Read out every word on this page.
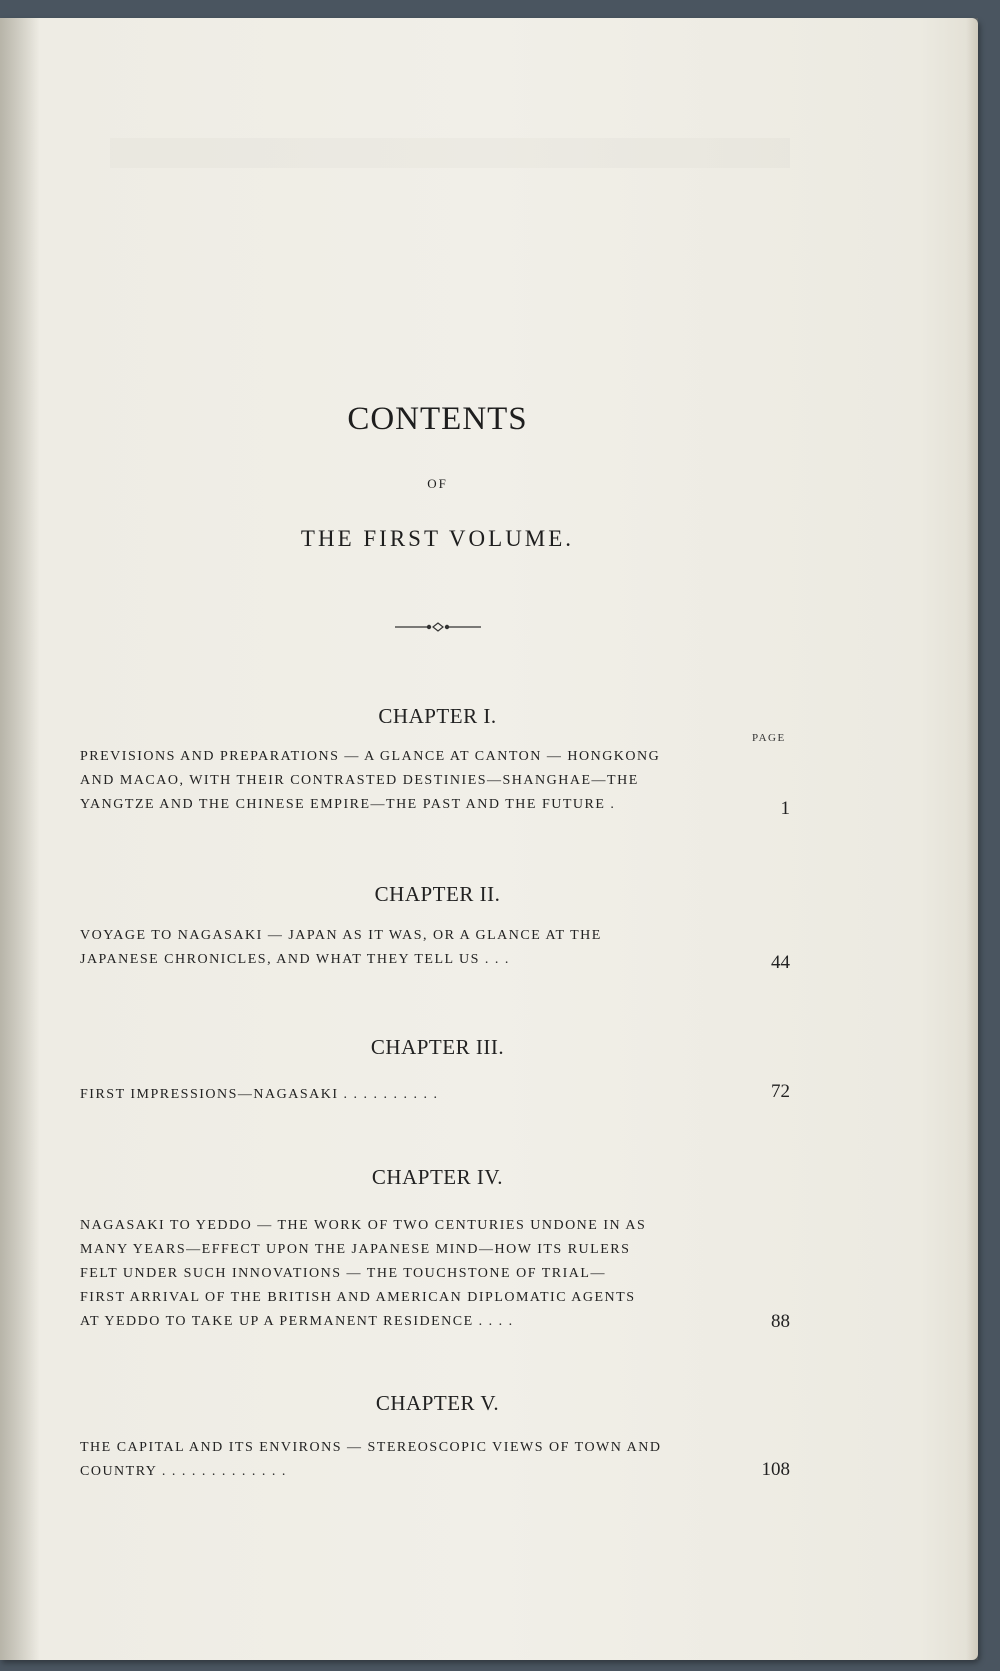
CONTENTS
OF
THE FIRST VOLUME.
PAGE
CHAPTER I.
PREVISIONS AND PREPARATIONS — A GLANCE AT CANTON — HONGKONG
AND MACAO, WITH THEIR CONTRASTED DESTINIES—SHANGHAE—THE
YANGTZE AND THE CHINESE EMPIRE—THE PAST AND THE FUTURE .	1
CHAPTER II.
VOYAGE TO NAGASAKI — JAPAN AS IT WAS, OR A GLANCE AT THE
JAPANESE CHRONICLES, AND WHAT THEY TELL US . . .	44
CHAPTER III.
FIRST IMPRESSIONS—NAGASAKI . . . . . . . . . .	72
CHAPTER IV.
NAGASAKI TO YEDDO — THE WORK OF TWO CENTURIES UNDONE IN AS
MANY YEARS—EFFECT UPON THE JAPANESE MIND—HOW ITS RULERS
FELT UNDER SUCH INNOVATIONS — THE TOUCHSTONE OF TRIAL—
FIRST ARRIVAL OF THE BRITISH AND AMERICAN DIPLOMATIC AGENTS
AT YEDDO TO TAKE UP A PERMANENT RESIDENCE . . . .	88
CHAPTER V.
THE CAPITAL AND ITS ENVIRONS — STEREOSCOPIC VIEWS OF TOWN AND
COUNTRY . . . . . . . . . . . . .	108
